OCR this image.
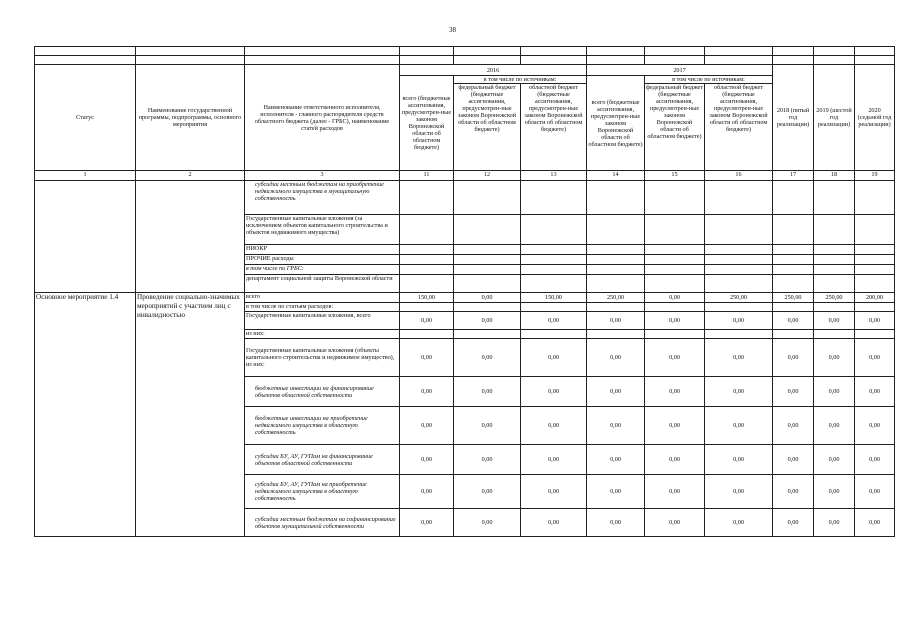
38

Статус	Наименование государственной программы, подпрограммы, основного мероприятия	Наименование ответственного исполнителя, исполнителя - главного распорядителя средств областного бюджета (далее - ГРБС), наименование статей расходов	2016			2017			2018 (пятый год реализации)	2019 (шестой год реализации)	2020 (седьмой год реализации)
			всего (бюджетные ассигнования, предусмотрен-ные законом Воронежской области об областном бюджете)	в том числе по источникам:		всего (бюджетные ассигнования, предусмотрен-ные законом Воронежской области об областном бюджете)	в том числе по источникам:				
				федеральный бюджет (бюджетные ассигнования, предусмотрен-ные законом Воронежской области об областном бюджете)	областной бюджет (бюджетные ассигнования, предусмотрен-ные законом Воронежской области об областном бюджете)		федеральный бюджет (бюджетные ассигнования, предусмотрен-ные законом Воронежской области об областном бюджете)	областной бюджет (бюджетные ассигнования, предусмотрен-ные законом Воронежской области об областном бюджете)			
1	2	3	11	12	13	14	15	16	17	18	19
		субсидии местным бюджетам на приобретение недвижимого имущества в муниципальную собственность									
		Государственные капитальные вложения (за исключением объектов капитального строительства и объектов недвижимого имущества)									
		НИОКР									
		ПРОЧИЕ расходы									
		в том числе по ГРБС:									
		департамент социальной защиты Воронежской области									
Основное мероприятие 1.4	Проведение социально-значимых мероприятий с участием лиц с инвалидностью	всего	150,00	0,00	150,00	250,00	0,00	250,00	250,00	250,00	200,00
		в том числе по статьям расходов:									
		Государственные капитальные вложения, всего	0,00	0,00	0,00	0,00	0,00	0,00	0,00	0,00	0,00
		из них:									
		Государственные капитальные вложения (объекты капитального строительства и недвижимое имущество), из них:	0,00	0,00	0,00	0,00	0,00	0,00	0,00	0,00	0,00
		бюджетные инвестиции на финансирование объектов областной собственности	0,00	0,00	0,00	0,00	0,00	0,00	0,00	0,00	0,00
		бюджетные инвестиции на приобретение недвижимого имущества в областную собственность	0,00	0,00	0,00	0,00	0,00	0,00	0,00	0,00	0,00
		субсидии БУ, АУ, ГУПам на финансирование объектов областной собственности	0,00	0,00	0,00	0,00	0,00	0,00	0,00	0,00	0,00
		субсидии БУ, АУ, ГУПам на приобретение недвижимого имущества в областную собственность	0,00	0,00	0,00	0,00	0,00	0,00	0,00	0,00	0,00
		субсидии местным бюджетам на софинансирование объектов муниципальной собственности	0,00	0,00	0,00	0,00	0,00	0,00	0,00	0,00	0,00
